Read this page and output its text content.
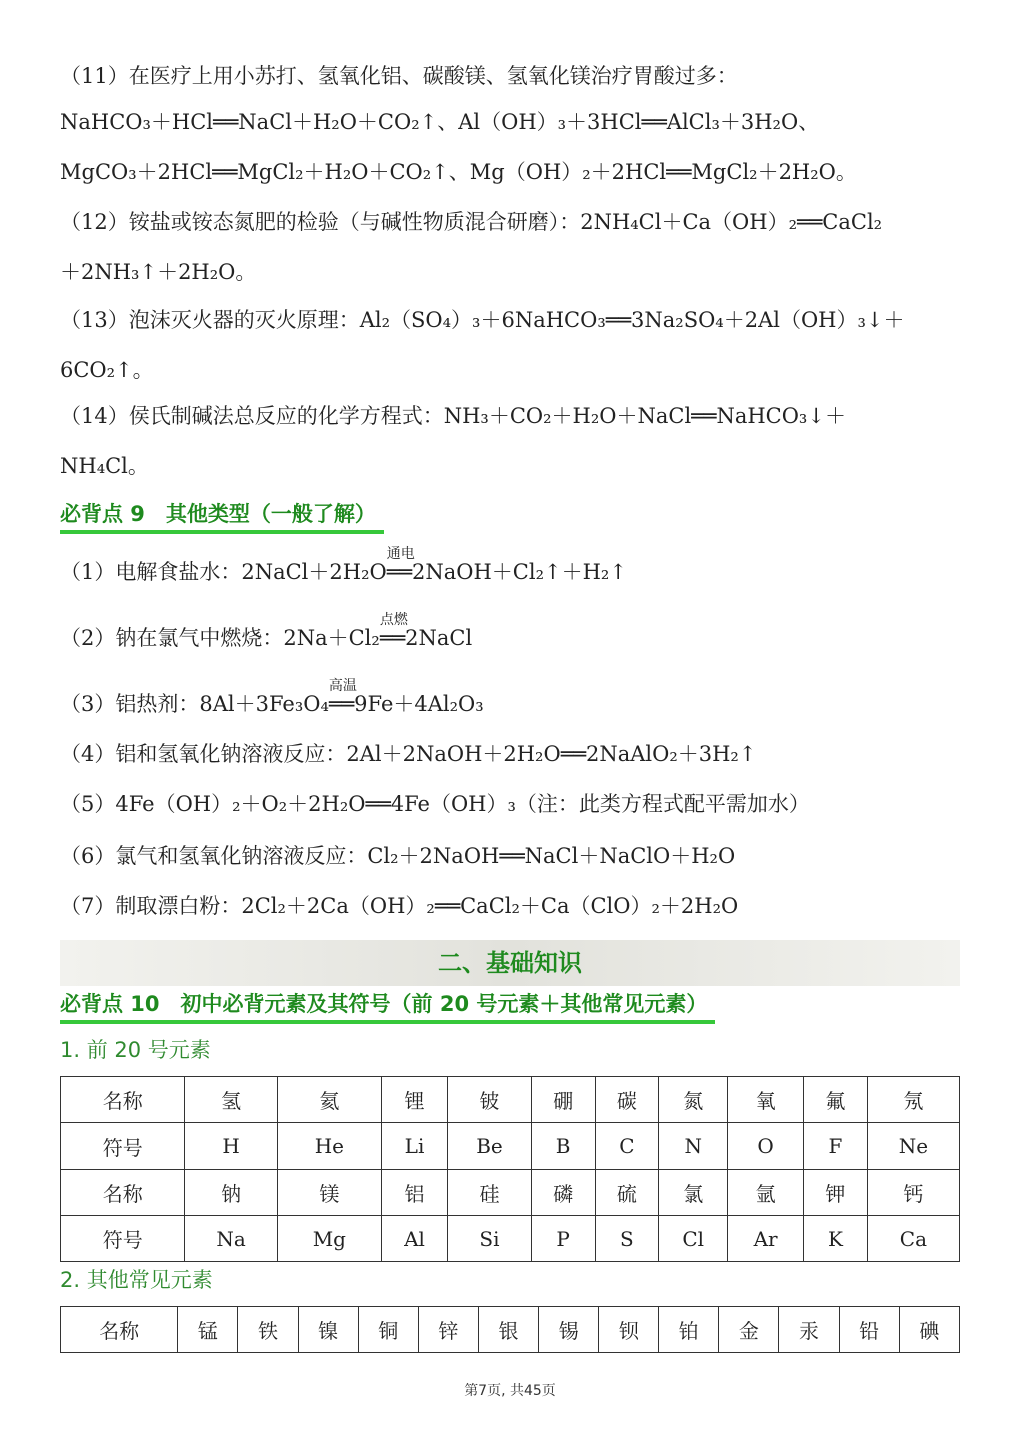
（11）在医疗上用小苏打、氢氧化铝、碳酸镁、氢氧化镁治疗胃酸过多：
NaHCO₃＋HCl══NaCl＋H₂O＋CO₂↑、Al（OH）₃＋3HCl══AlCl₃＋3H₂O、
MgCO₃＋2HCl══MgCl₂＋H₂O＋CO₂↑、Mg（OH）₂＋2HCl══MgCl₂＋2H₂O。
（12）铵盐或铵态氮肥的检验（与碱性物质混合研磨）：2NH₄Cl＋Ca（OH）₂══CaCl₂
＋2NH₃↑＋2H₂O。
（13）泡沫灭火器的灭火原理：Al₂（SO₄）₃＋6NaHCO₃══3Na₂SO₄＋2Al（OH）₃↓＋
6CO₂↑。
（14）侯氏制碱法总反应的化学方程式：NH₃＋CO₂＋H₂O＋NaCl══NaHCO₃↓＋
NH₄Cl。
必背点 9　其他类型（一般了解）
（1）电解食盐水：2NaCl＋2H₂O
通电
══2NaOH＋Cl₂↑＋H₂↑
（2）钠在氯气中燃烧：2Na＋Cl₂
点燃
══2NaCl
（3）铝热剂：8Al＋3Fe₃O₄
高温
══9Fe＋4Al₂O₃
（4）铝和氢氧化钠溶液反应：2Al＋2NaOH＋2H₂O══2NaAlO₂＋3H₂↑
（5）4Fe（OH）₂＋O₂＋2H₂O══4Fe（OH）₃（注：此类方程式配平需加水）
（6）氯气和氢氧化钠溶液反应：Cl₂＋2NaOH══NaCl＋NaClO＋H₂O
（7）制取漂白粉：2Cl₂＋2Ca（OH）₂══CaCl₂＋Ca（ClO）₂＋2H₂O
二、基础知识
必背点 10　初中必背元素及其符号（前 20 号元素＋其他常见元素）
1. 前 20 号元素
名称	氢	氦	锂	铍	硼	碳	氮	氧	氟	氖
符号	H	He	Li	Be	B	C	N	O	F	Ne
名称	钠	镁	铝	硅	磷	硫	氯	氩	钾	钙
符号	Na	Mg	Al	Si	P	S	Cl	Ar	K	Ca
2. 其他常见元素
名称	锰	铁	镍	铜	锌	银	锡	钡	铂	金	汞	铅	碘
第7页, 共45页
